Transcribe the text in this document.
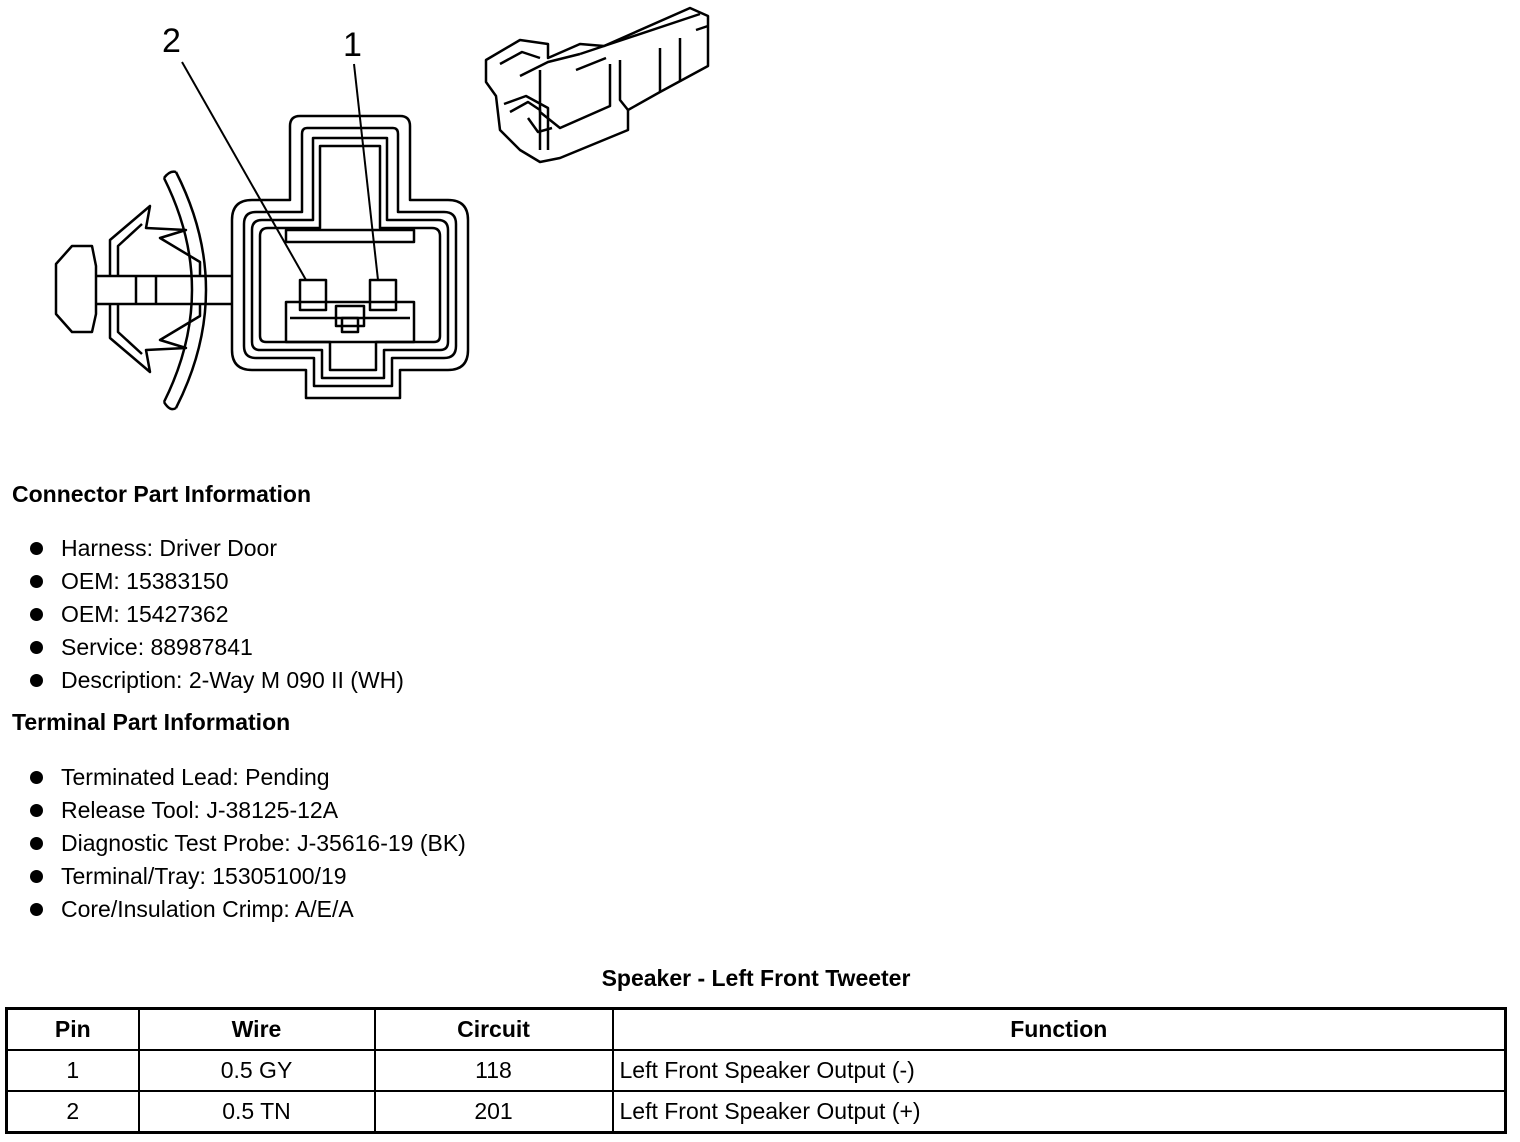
2	1
Connector Part Information
Harness: Driver Door
OEM: 15383150
OEM: 15427362
Service: 88987841
Description: 2-Way M 090 II (WH)
Terminal Part Information
Terminated Lead: Pending
Release Tool: J-38125-12A
Diagnostic Test Probe: J-35616-19 (BK)
Terminal/Tray: 15305100/19
Core/Insulation Crimp: A/E/A
Speaker - Left Front Tweeter
Pin	Wire	Circuit	Function
1	0.5 GY	118	Left Front Speaker Output (-)
2	0.5 TN	201	Left Front Speaker Output (+)
